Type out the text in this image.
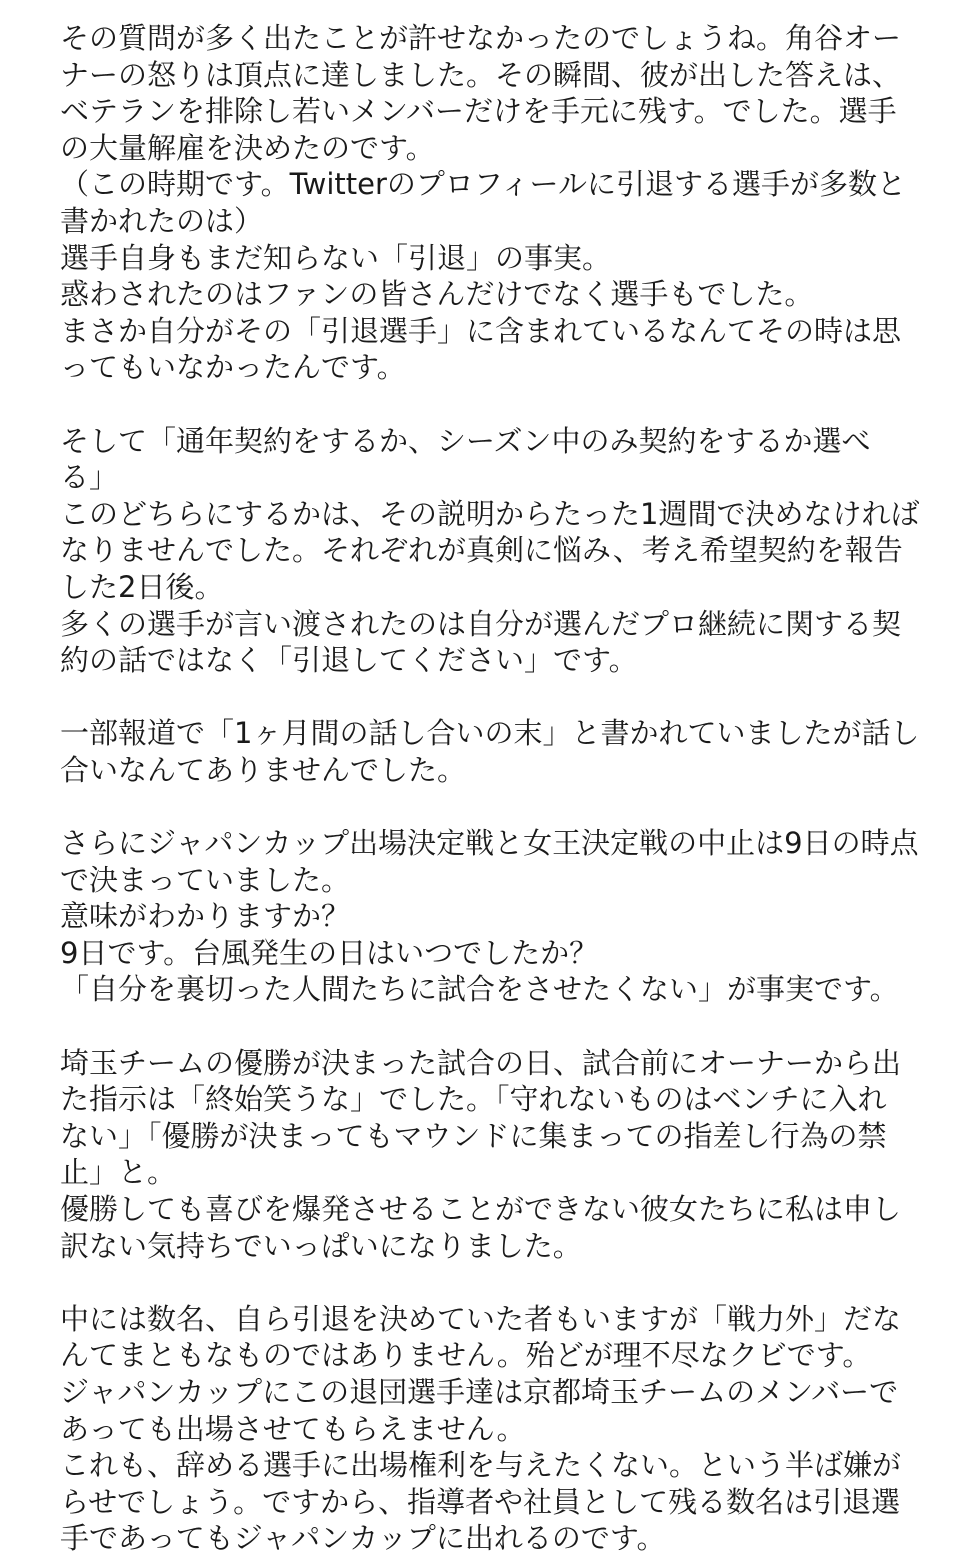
その質問が多く出たことが許せなかったのでしょうね。角谷オー
ナーの怒りは頂点に達しました。その瞬間、彼が出した答えは、
ベテランを排除し若いメンバーだけを手元に残す。でした。選手
の大量解雇を決めたのです。
（この時期です。Twitterのプロフィールに引退する選手が多数と
書かれたのは）
選手自身もまだ知らない「引退」の事実。
惑わされたのはファンの皆さんだけでなく選手もでした。
まさか自分がその「引退選手」に含まれているなんてその時は思
ってもいなかったんです。
そして「通年契約をするか、シーズン中のみ契約をするか選べ
る」
このどちらにするかは、その説明からたった1週間で決めなければ
なりませんでした。それぞれが真剣に悩み、考え希望契約を報告
した2日後。
多くの選手が言い渡されたのは自分が選んだプロ継続に関する契
約の話ではなく「引退してください」です。
一部報道で「1ヶ月間の話し合いの末」と書かれていましたが話し
合いなんてありませんでした。
さらにジャパンカップ出場決定戦と女王決定戦の中止は9日の時点
で決まっていました。
意味がわかりますか？
9日です。台風発生の日はいつでしたか？
「自分を裏切った人間たちに試合をさせたくない」が事実です。
埼玉チームの優勝が決まった試合の日、試合前にオーナーから出
た指示は「終始笑うな」でした。「守れないものはベンチに入れ
ない」「優勝が決まってもマウンドに集まっての指差し行為の禁
止」と。
優勝しても喜びを爆発させることができない彼女たちに私は申し
訳ない気持ちでいっぱいになりました。
中には数名、自ら引退を決めていた者もいますが「戦力外」だな
んてまともなものではありません。殆どが理不尽なクビです。
ジャパンカップにこの退団選手達は京都埼玉チームのメンバーで
あっても出場させてもらえません。
これも、辞める選手に出場権利を与えたくない。という半ば嫌が
らせでしょう。ですから、指導者や社員として残る数名は引退選
手であってもジャパンカップに出れるのです。
